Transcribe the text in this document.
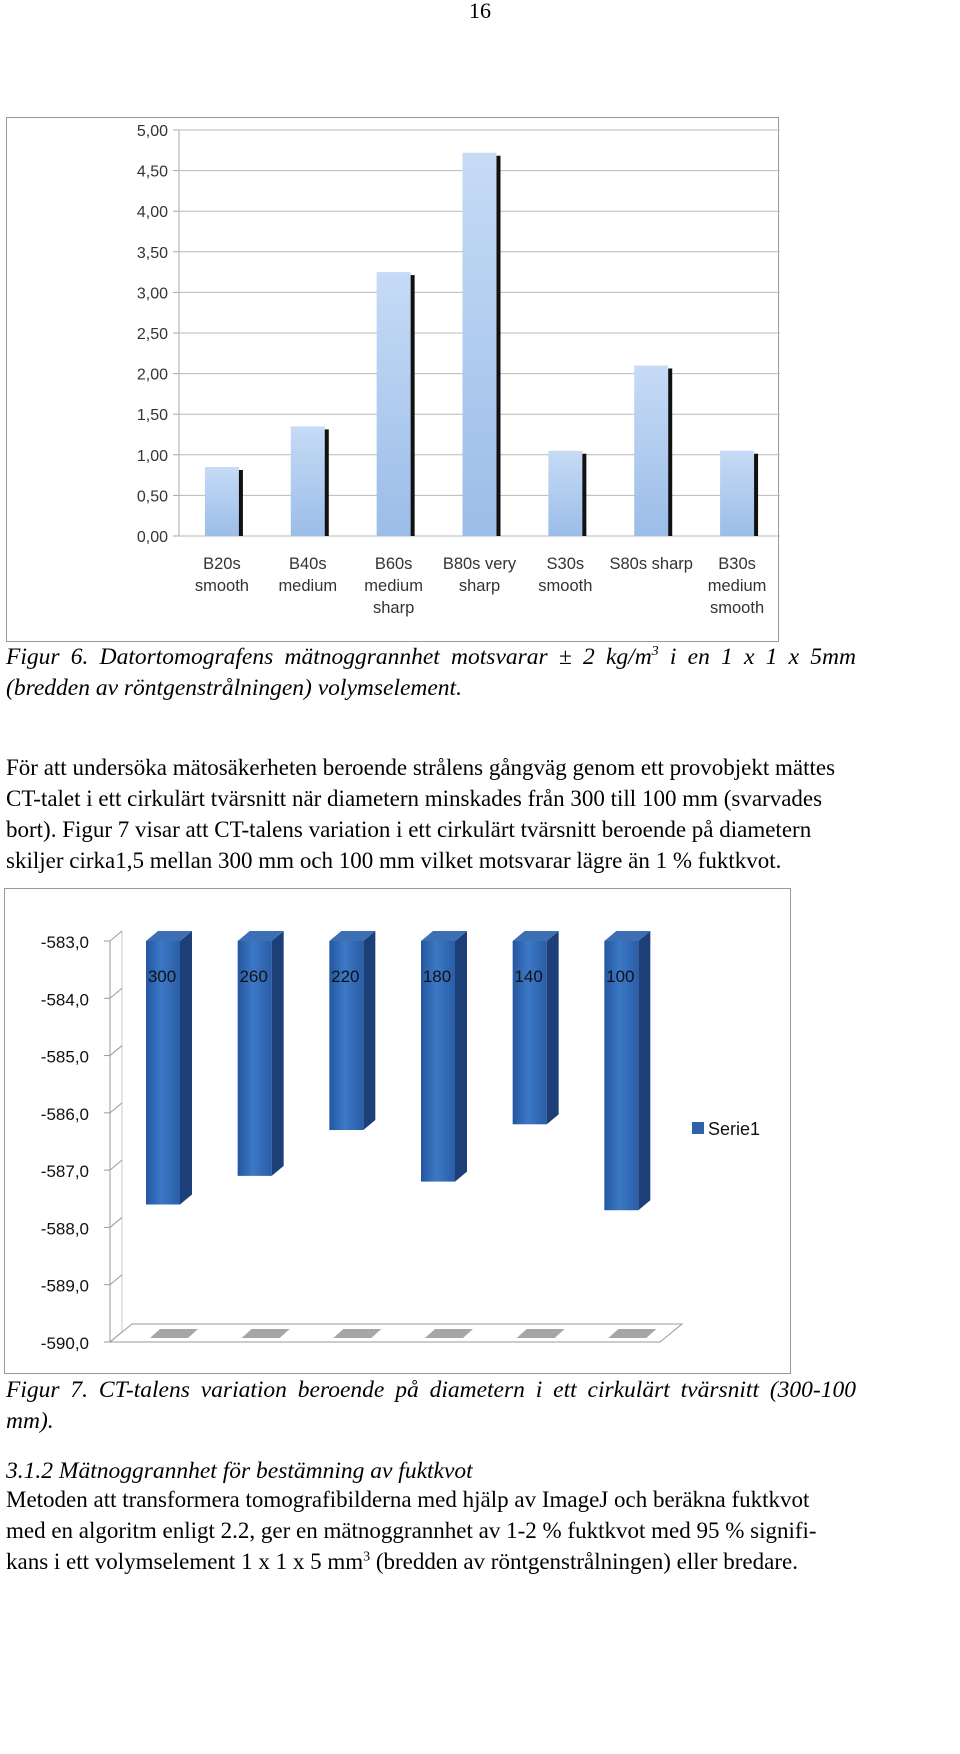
16
0,00
0,50
1,00
1,50
2,00
2,50
3,00
3,50
4,00
4,50
5,00
B20s
smooth
B40s
medium
B60s
medium
sharp
B80s very
sharp
S30s
smooth
S80s sharp B30s
medium
smooth
Figur 6. Datortomografens mätnoggrannhet motsvarar ± 2 $kg/m^3$ i en 1 x 1 x 5mm
(bredden av röntgenstrålningen) volymselement.
För att undersöka mätosäkerheten beroende strålens gångväg genom ett provobjekt mättes
CT-talet i ett cirkulärt tvärsnitt när diametern minskades från 300 till 100 mm (svarvades
bort). Figur 7 visar att CT-talens variation i ett cirkulärt tvärsnitt beroende på diametern
skiljer cirka1,5 mellan 300 mm och 100 mm vilket motsvarar lägre än 1 % fuktkvot.
-583,0
-584,0
-585,0
-586,0
-587,0
-588,0
-589,0
-590,0
300	260	220	180	140	100
Serie1
Figur 7. CT-talens variation beroende på diametern i ett cirkulärt tvärsnitt (300-100
mm).
3.1.2 Mätnoggrannhet för bestämning av fuktkvot
Metoden att transformera tomografibilderna med hjälp av ImageJ och beräkna fuktkvot
med en algoritm enligt 2.2, ger en mätnoggrannhet av 1-2 % fuktkvot med 95 % signifi-
kans i ett volymselement 1 x 1 x 5 $mm^3$ (bredden av röntgenstrålningen) eller bredare.
